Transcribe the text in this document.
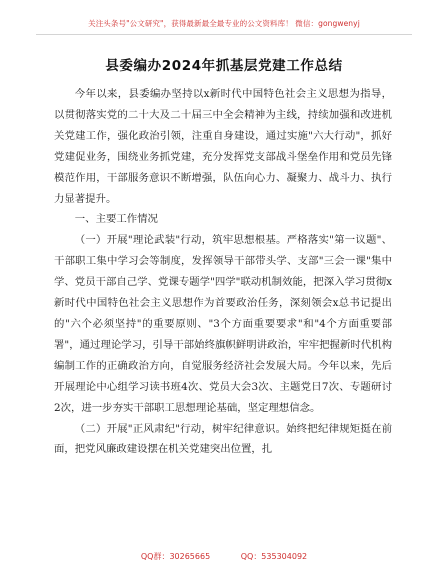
关注头条号"公文研究"，获得最新最全最专业的公文资料库！ 微信：gongwenyj
县委编办2024年抓基层党建工作总结

今年以来，县委编办坚持以x新时代中国特色社会主义思想为指导，以贯彻落实党的二十大及二十届三中全会精神为主线，持续加强和改进机关党建工作，强化政治引领，注重自身建设，通过实施"六大行动"，抓好党建促业务，围绕业务抓党建，充分发挥党支部战斗堡垒作用和党员先锋模范作用，干部服务意识不断增强，队伍向心力、凝聚力、战斗力、执行力显著提升。

一、主要工作情况

（一）开展"理论武装"行动，筑牢思想根基。严格落实"第一议题"、干部职工集中学习会等制度，发挥领导干部带头学、支部"三会一课"集中学、党员干部自己学、党课专题学"四学"联动机制效能，把深入学习贯彻x新时代中国特色社会主义思想作为首要政治任务，深刻领会x总书记提出的"六个必须坚持"的重要原则、"3个方面重要要求"和"4个方面重要部署"，通过理论学习，引导干部始终旗帜鲜明讲政治，牢牢把握新时代机构编制工作的正确政治方向，自觉服务经济社会发展大局。今年以来，先后开展理论中心组学习读书班4次、党员大会3次、主题党日7次、专题研讨2次，进一步夯实干部职工思想理论基础，坚定理想信念。

（二）开展"正风肃纪"行动，树牢纪律意识。始终把纪律规矩挺在前面，把党风廉政建设摆在机关党建突出位置，扎

QQ群：30265665	QQ：535304092
